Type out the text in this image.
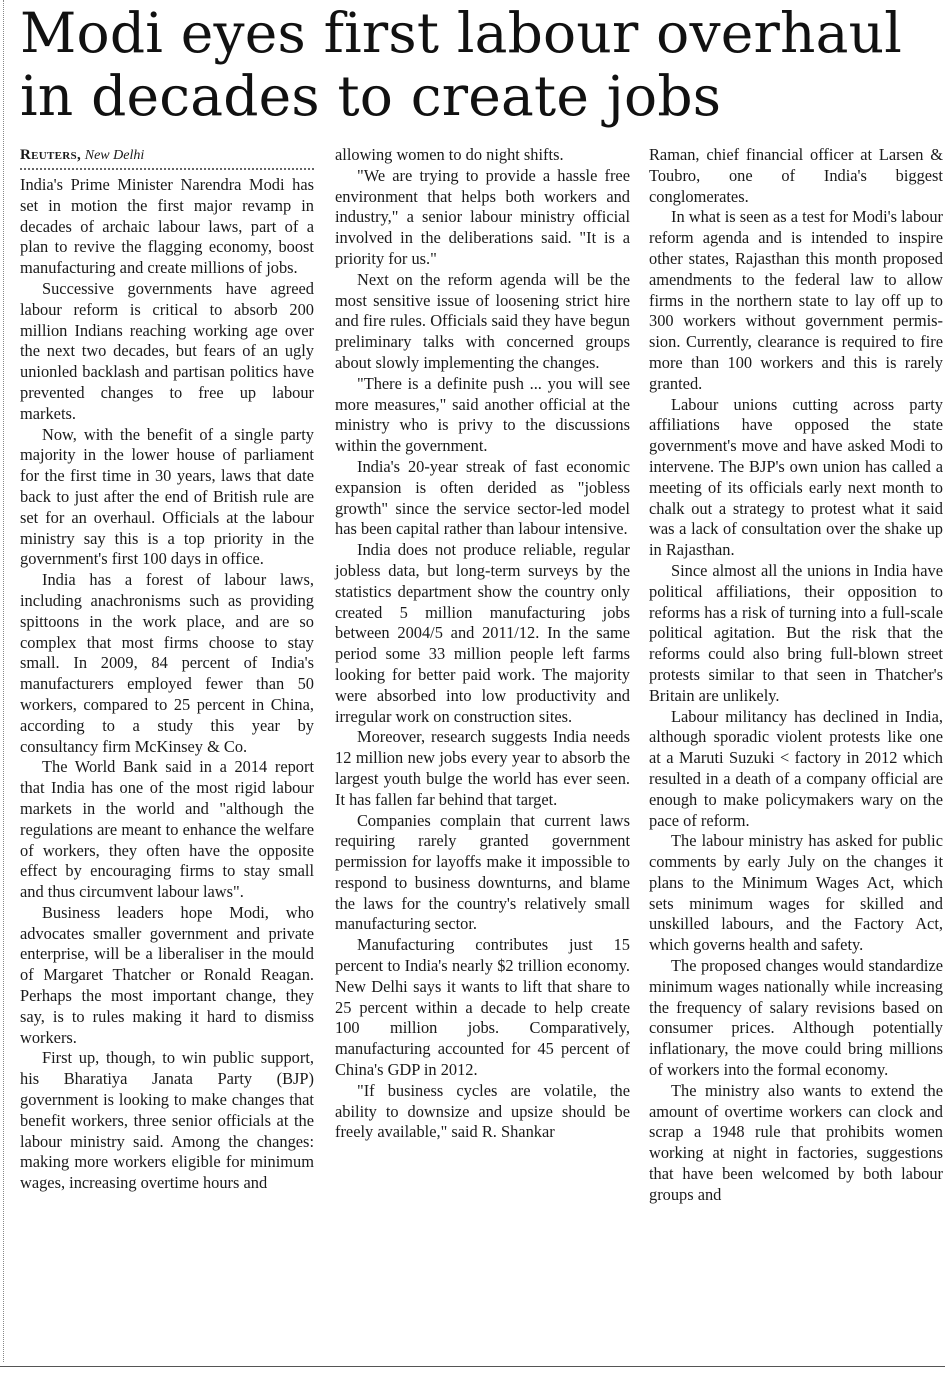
Modi eyes first labour overhaul in decades to create jobs
Reuters, New Delhi

India's Prime Minister Narendra Modi has set in motion the first major revamp in decades of archaic labour laws, part of a plan to revive the flagging economy, boost manufacturing and create millions of jobs.

Successive governments have agreed labour reform is critical to absorb 200 million Indians reaching working age over the next two decades, but fears of an ugly unionled backlash and partisan politics have prevented changes to free up labour markets.

Now, with the benefit of a single party majority in the lower house of parliament for the first time in 30 years, laws that date back to just after the end of British rule are set for an overhaul. Officials at the labour ministry say this is a top priority in the government's first 100 days in office.

India has a forest of labour laws, including anachronisms such as providing spittoons in the work place, and are so complex that most firms choose to stay small. In 2009, 84 percent of India's manufacturers employed fewer than 50 workers, compared to 25 percent in China, according to a study this year by consultancy firm McKinsey & Co.

The World Bank said in a 2014 report that India has one of the most rigid labour markets in the world and "although the regulations are meant to enhance the welfare of workers, they often have the opposite effect by encouraging firms to stay small and thus circumvent labour laws".

Business leaders hope Modi, who advocates smaller government and private enterprise, will be a liberaliser in the mould of Margaret Thatcher or Ronald Reagan. Perhaps the most important change, they say, is to rules making it hard to dismiss workers.

First up, though, to win public support, his Bharatiya Janata Party (BJP) government is looking to make changes that benefit workers, three senior officials at the labour ministry said. Among the changes: making more workers eligible for minimum wages, increasing overtime hours and

allowing women to do night shifts.

"We are trying to provide a hassle free environment that helps both workers and industry," a senior labour ministry official involved in the deliberations said. "It is a priority for us."

Next on the reform agenda will be the most sensitive issue of loosening strict hire and fire rules. Officials said they have begun preliminary talks with concerned groups about slowly implementing the changes.

"There is a definite push ... you will see more measures," said another official at the ministry who is privy to the discussions within the government.

India's 20-year streak of fast economic expansion is often derided as "jobless growth" since the service sector-led model has been capital rather than labour intensive.

India does not produce reliable, regular jobless data, but long-term surveys by the statistics department show the country only created 5 million manufacturing jobs between 2004/5 and 2011/12. In the same period some 33 million people left farms looking for better paid work. The majority were absorbed into low productivity and irregular work on construction sites.

Moreover, research suggests India needs 12 million new jobs every year to absorb the largest youth bulge the world has ever seen. It has fallen far behind that target.

Companies complain that current laws requiring rarely granted government permission for layoffs make it impossible to respond to business downturns, and blame the laws for the country's relatively small manufacturing sector.

Manufacturing contributes just 15 percent to India's nearly $2 trillion economy. New Delhi says it wants to lift that share to 25 percent within a decade to help create 100 million jobs. Comparatively, manufacturing accounted for 45 percent of China's GDP in 2012.

"If business cycles are volatile, the ability to downsize and upsize should be freely available," said R. Shankar

Raman, chief financial officer at Larsen & Toubro, one of India's biggest conglomerates.

In what is seen as a test for Modi's labour reform agenda and is intended to inspire other states, Rajasthan this month proposed amendments to the federal law to allow firms in the northern state to lay off up to 300 workers without government permission. Currently, clearance is required to fire more than 100 workers and this is rarely granted.

Labour unions cutting across party affiliations have opposed the state government's move and have asked Modi to intervene. The BJP's own union has called a meeting of its officials early next month to chalk out a strategy to protest what it said was a lack of consultation over the shake up in Rajasthan.

Since almost all the unions in India have political affiliations, their opposition to reforms has a risk of turning into a full-scale political agitation. But the risk that the reforms could also bring full-blown street protests similar to that seen in Thatcher's Britain are unlikely.

Labour militancy has declined in India, although sporadic violent protests like one at a Maruti Suzuki < factory in 2012 which resulted in a death of a company official are enough to make policymakers wary on the pace of reform.

The labour ministry has asked for public comments by early July on the changes it plans to the Minimum Wages Act, which sets minimum wages for skilled and unskilled labours, and the Factory Act, which governs health and safety.

The proposed changes would standardize minimum wages nationally while increasing the frequency of salary revisions based on consumer prices. Although potentially inflationary, the move could bring millions of workers into the formal economy.

The ministry also wants to extend the amount of overtime workers can clock and scrap a 1948 rule that prohibits women working at night in factories, suggestions that have been welcomed by both labour groups and
